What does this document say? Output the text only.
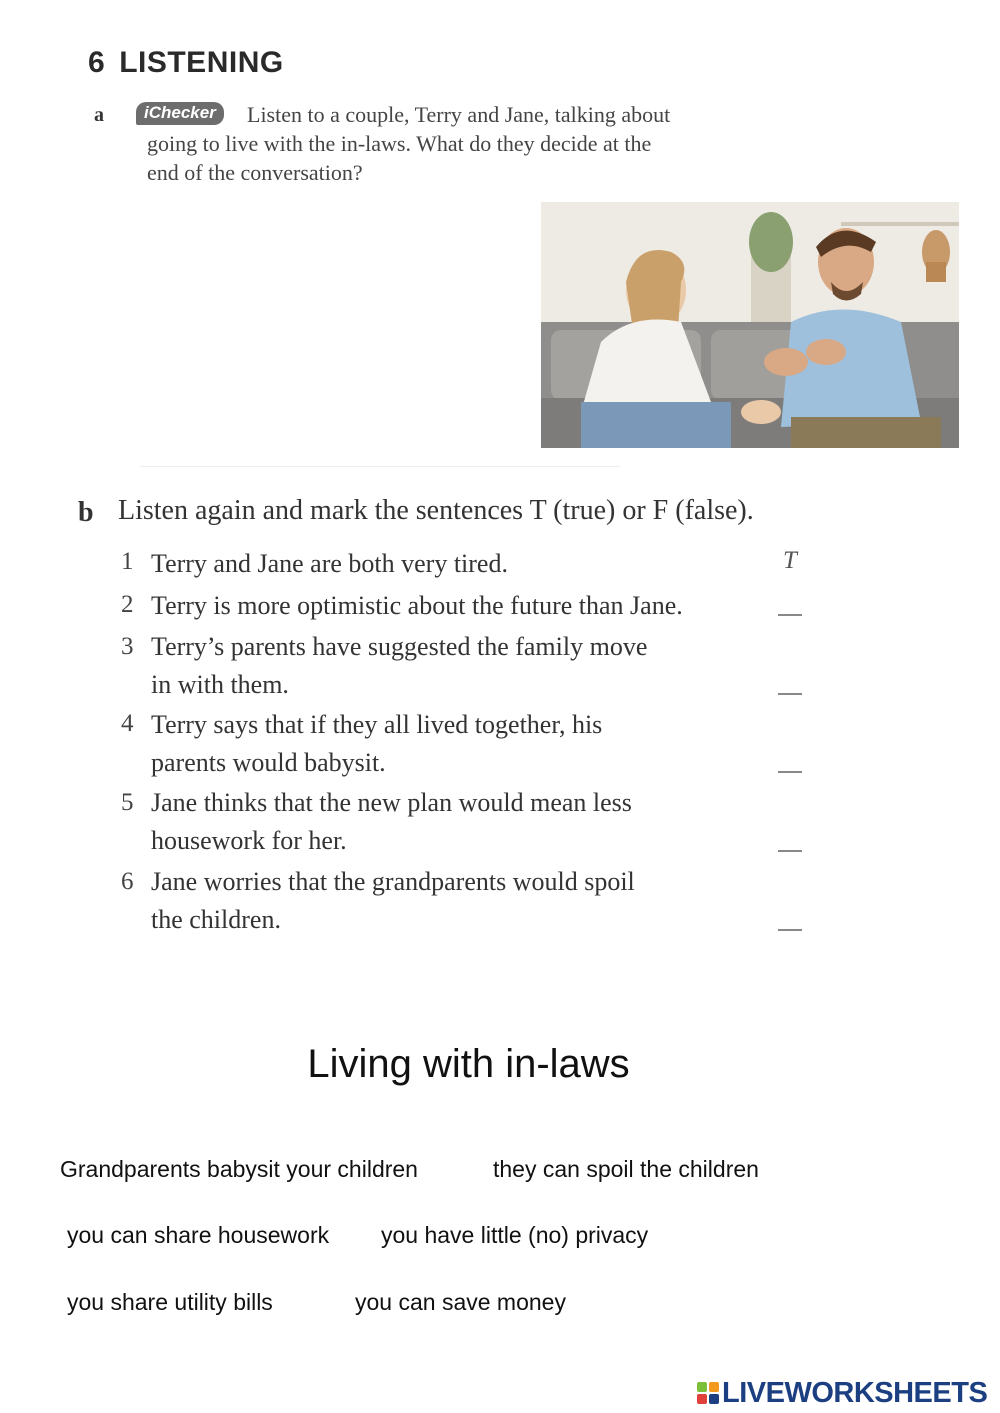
6 LISTENING
a	Listen to a couple, Terry and Jane, talking about going to live with the in-laws. What do they decide at the end of the conversation?
iChecker
b Listen again and mark the sentences T (true) or F (false).
1 Terry and Jane are both very tired.	T
2 Terry is more optimistic about the future than Jane.
3 Terry’s parents have suggested the family move
in with them.
4 Terry says that if they all lived together, his
parents would babysit.
5 Jane thinks that the new plan would mean less
housework for her.
6 Jane worries that the grandparents would spoil
the children.
Living with in-laws
Grandparents babysit your children	they can spoil the children
you can share housework you have little (no) privacy
you share utility bills	you can save money
LIVEWORKSHEETS
